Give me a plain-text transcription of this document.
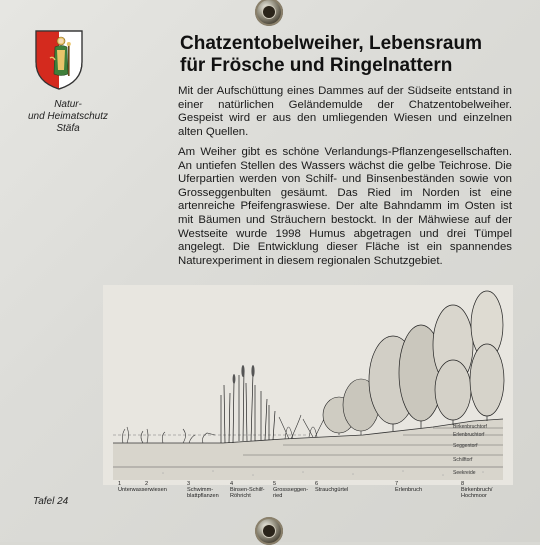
Natur-
und Heimatschutz
Stäfa
Tafel 24
Chatzentobelweiher, Lebensraum
für Frösche und Ringelnattern
Mit der Aufschüttung eines Dammes auf der Südseite entstand in einer natürlichen Geländemulde der Chatzentobelweiher. Gespeist wird er aus den umliegenden Wiesen und einzelnen alten Quellen.
Am Weiher gibt es schöne Verlandungs-Pflanzengesellschaften. An untiefen Stellen des Wassers wächst die gelbe Teichrose. Die Uferpartien werden von Schilf- und Binsenbeständen sowie von Grosseggenbulten gesäumt. Das Ried im Norden ist eine artenreiche Pfeifengraswiese. Der alte Bahndamm im Osten ist mit Bäumen und Sträuchern bestockt. In der Mähwiese auf der Westseite wurde 1998 Humus abgetragen und drei Tümpel angelegt. Die Entwicklung dieser Fläche ist ein spannendes Naturexperiment in diesem regionalen Schutzgebiet.
Birkenbruchtorf
Erlenbruchtorf
Seggentorf
Schilftorf
Seekreide
1
Unterwasserwiesen
2	3
Schwimm-
blattpflanzen
4
Binsen-Schilf-
Röhricht
5
Grossseggen-
ried
6
Strauchgürtel
7
Erlenbruch
8
Birkenbruch/
Hochmoor
